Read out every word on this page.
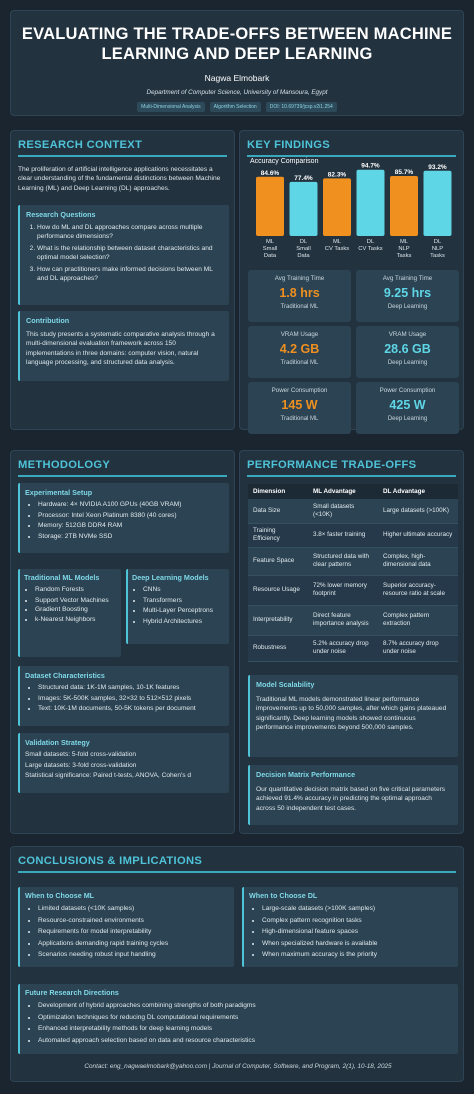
EVALUATING THE TRADE-OFFS BETWEEN MACHINE LEARNING AND DEEP LEARNING
Nagwa Elmobark
Department of Computer Science, University of Mansoura, Egypt
Multi-Dimensional Analysis	Algorithm Selection	DOI: 10.69739/jcsp.v2i1.254
RESEARCH CONTEXT
The proliferation of artificial intelligence applications necessitates a clear understanding of the fundamental distinctions between Machine Learning (ML) and Deep Learning (DL) approaches.
Research Questions
1. How do ML and DL approaches compare across multiple performance dimensions?
2. What is the relationship between dataset characteristics and optimal model selection?
3. How can practitioners make informed decisions between ML and DL approaches?
Contribution
This study presents a systematic comparative analysis through a multi-dimensional evaluation framework across 150 implementations in three domains: computer vision, natural language processing, and structured data analysis.
KEY FINDINGS
Accuracy Comparison
84.6%
ML
Small
Data
77.4%
DL
Small
Data
82.3%
ML
CV Tasks
94.7%
DL
CV Tasks
85.7%
ML
NLP
Tasks
93.2%
DL
NLP
Tasks
Avg Training Time
1.8 hrs
Traditional ML
Avg Training Time
9.25 hrs
Deep Learning
VRAM Usage
4.2 GB
Traditional ML
VRAM Usage
28.6 GB
Deep Learning
Power Consumption
145 W
Traditional ML
Power Consumption
425 W
Deep Learning
METHODOLOGY
Experimental Setup
• Hardware: 4× NVIDIA A100 GPUs (40GB VRAM)
• Processor: Intel Xeon Platinum 8380 (40 cores)
• Memory: 512GB DDR4 RAM
• Storage: 2TB NVMe SSD
Traditional ML Models
• Random Forests
• Support Vector Machines
• Gradient Boosting
• k-Nearest Neighbors
Deep Learning Models
• CNNs
• Transformers
• Multi-Layer Perceptrons
• Hybrid Architectures
Dataset Characteristics
• Structured data: 1K-1M samples, 10-1K features
• Images: 5K-500K samples, 32×32 to 512×512 pixels
• Text: 10K-1M documents, 50-5K tokens per document
Validation Strategy
Small datasets: 5-fold cross-validation
Large datasets: 3-fold cross-validation
Statistical significance: Paired t-tests, ANOVA, Cohen's d
PERFORMANCE TRADE-OFFS
Dimension	ML Advantage	DL Advantage
Data Size	Small datasets (<10K)	Large datasets (>100K)
Training Efficiency	3.8× faster training	Higher ultimate accuracy
Feature Space	Structured data with clear patterns	Complex, high-dimensional data
Resource Usage	72% lower memory footprint	Superior accuracy-resource ratio at scale
Interpretability	Direct feature importance analysis	Complex pattern extraction
Robustness	5.2% accuracy drop under noise	8.7% accuracy drop under noise
Model Scalability
Traditional ML models demonstrated linear performance improvements up to 50,000 samples, after which gains plateaued significantly. Deep learning models showed continuous performance improvements beyond 500,000 samples.
Decision Matrix Performance
Our quantitative decision matrix based on five critical parameters achieved 91.4% accuracy in predicting the optimal approach across 50 independent test cases.
CONCLUSIONS & IMPLICATIONS
When to Choose ML
• Limited datasets (<10K samples)
• Resource-constrained environments
• Requirements for model interpretability
• Applications demanding rapid training cycles
• Scenarios needing robust input handling
When to Choose DL
• Large-scale datasets (>100K samples)
• Complex pattern recognition tasks
• High-dimensional feature spaces
• When specialized hardware is available
• When maximum accuracy is the priority
Future Research Directions
• Development of hybrid approaches combining strengths of both paradigms
• Optimization techniques for reducing DL computational requirements
• Enhanced interpretability methods for deep learning models
• Automated approach selection based on data and resource characteristics
Contact: eng_nagwaelmobark@yahoo.com | Journal of Computer, Software, and Program, 2(1), 10-18, 2025
